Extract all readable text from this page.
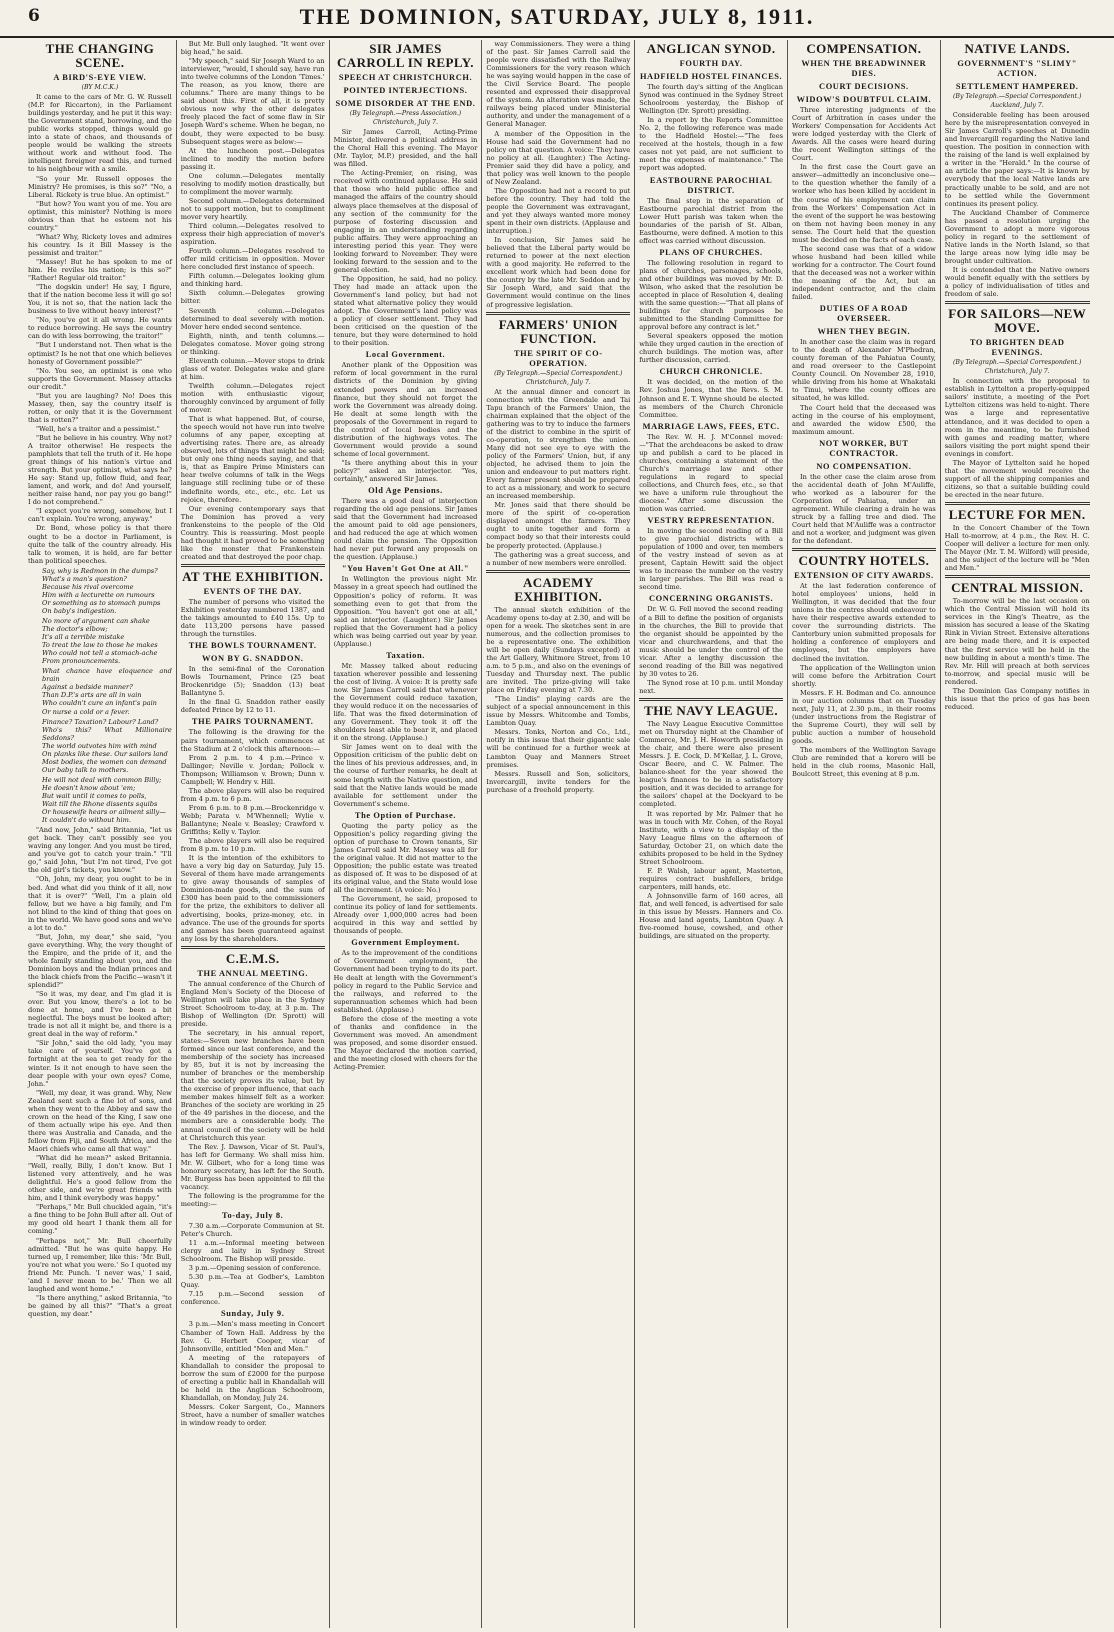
6	THE DOMINION, SATURDAY, JULY 8, 1911.
THE CHANGING SCENE.
A BIRD'S-EYE VIEW.
(BY M.C.K.)

It came to the cars of Mr. G. W. Russell (M.P. for Riccarton), in the Parliament buildings yesterday, and he put it this way: the Government stand, borrowing, and the public works stopped, things would go into a state of chaos, and thousands of people would be walking the streets without work and without food. The intelligent foreigner read this, and turned to his neighbour with a smile.

"So your Mr. Russell opposes the Ministry? He promises, is this so?" "No, a Liberal. Rickety is true blue. An optimist."

"But how? You want you of me. You are optimist, this minister? Nothing is more obvious than that he esteem not his country."

"What? Why, Rickety loves and admires his country. Is it Bill Massey is the pessimist and traitor."

"Massey! But he has spoken to me of him. He reviles his nation; is this so?" "Rather! Regular old traitor."

"The dogskin under! He say, I figure, that if the nation become less it will go so! You, it is not so, that the nation lack the business to live without heavy interest?"

"No, you've got it all wrong. He wants to reduce borrowing. He says the country can do with less borrowing, the traitor!"

"But I understand not. Then what is the optimist? Is he not that one which believes honesty of Government possible?"

"No. You see, an optimist is one who supports the Government. Massey attacks our credit."

"But you are laughing? No! Does this Massey, then, say the country itself is rotten, or only that it is the Government that is rotten?"

"Well, he's a traitor and a pessimist."

"But he believe in his country. Why not? A traitor otherwise! He respects the pamphlets that tell the truth of it. He hope great things of his nation's virtue and strength. But your optimist, what says he? He say: Stand up, follow fluid, and fear, lament, and work, and do! And yourself, neither raise hand, nor pay you go bang!" I do not comprehend."

"I expect you're wrong, somehow, but I can't explain. You're wrong, anyway."

Dr. Bond, whose policy is that there ought to be a doctor in Parliament, is quite the talk of the country already. His talk to women, it is held, are far better than political speeches.

Say, why is Redmon in the dumps?
What's a man's question?
Because his rival overcome
Him with a lecturette on rumours
Or something as to stomach pumps
On baby's indigestion.
No more of argument can shake
The doctor's elbow;
It's all a terrible mistake
To treat the law to those he makes
Who could not tell a stomach-ache
From pronouncements.
What chance have eloquence and brain
Against a bedside manner?
Than D.P.'s arts are all in vain
Who couldn't cure an infant's pain
Or nurse a cold or a fever.
Finance? Taxation? Labour? Land?
Who's this? What Millionaire Seddons?
The world outvotes him with mind
On planks like these. Our sailors land
Most bodies, the women can demand
Our baby talk to mothers.
He will not deal with common Billy;
He doesn't know about 'em;
But wait until it comes to polls,
Wait till the Rhone dissents squibs
Or housewife hears or ailment silly—
It couldn't do without him.

"And now, John," said Britannia, "let us get back. They can't possibly see you waving any longer. And you must be tired, and you've got to catch your train." "I'll go," said John, "but I'm not tired, I've got the old girl's tickets, you know."

"Oh, John, my dear, you ought to be in bed. And what did you think of it all, now that it is over?" "Well, I'm a plain old fellow, but we have a big family, and I'm not blind to the kind of thing that goes on in the world. We have good sons and we've a lot to do."

"But, John, my dear," she said, "you gave everything. Why, the very thought of the Empire, and the pride of it, and the whole family standing about you, and the Dominion boys and the Indian princes and the black chiefs from the Pacific—wasn't it splendid?"

"So it was, my dear, and I'm glad it is over. But you know, there's a lot to be done at home, and I've been a bit neglectful. The boys must be looked after; trade is not all it might be, and there is a great deal in the way of reform."

"Sir John," said the old lady, "you may take care of yourself. You've got a fortnight at the sea to get ready for the winter. Is it not enough to have seen the dear people with your own eyes? Come, John."

"Well, my dear, it was grand. Why, New Zealand sent such a fine lot of sons, and when they went to the Abbey and saw the crown on the head of the King, I saw one of them actually wipe his eye. And then there was Australia and Canada, and the fellow from Fiji, and South Africa, and the Maori chiefs who came all that way."

"What did he mean?" asked Britannia. "Well, really, Billy, I don't know. But I listened very attentively, and he was delightful. He's a good fellow from the other side, and we're great friends with him, and I think everybody was happy."

"Perhaps," Mr. Bull chuckled again, "it's a fine thing to be John Bull after all. Out of my good old heart I thank them all for coming."

"Perhaps not," Mr. Bull cheerfully admitted. "But he was quite happy. He turned up, I remember, like this: 'Mr. Bull, you're not what you were.' So I quoted my friend Mr. Punch. 'I never was,' I said, 'and I never mean to be.' Then we all laughed and went home."

"Is there anything," asked Britannia, "to be gained by all this?" "That's a great question, my dear."

But Mr. Bull only laughed. "It went over big head," he said.

"My speech," said Sir Joseph Ward to an interviewer, "would, I should say, have run into twelve columns of the London 'Times.' The reason, as you know, there are columns." There are many things to be said about this. First of all, it is pretty obvious now why the other delegates freely placed the fact of some flaw in Sir Joseph Ward's scheme. When he began, no doubt, they were expected to be busy. Subsequent stages were as below:—

At the luncheon post.—Delegates inclined to modify the motion before passing it.

One column.—Delegates mentally resolving to modify motion drastically, but to compliment the mover warmly.

Second column.—Delegates determined not to support motion, but to compliment mover very heartily.

Third column.—Delegates resolved to express their high appreciation of mover's aspiration.

Fourth column.—Delegates resolved to offer mild criticism in opposition. Mover here concluded first instance of speech.

Fifth column.—Delegates looking glum and thinking hard.

Sixth column.—Delegates growing bitter.

Seventh column.—Delegates determined to deal severely with motion. Mover here ended second sentence.

Eighth, ninth, and tenth columns.—Delegates comatose. Mover going strong or thinking.

Eleventh column.—Mover stops to drink glass of water. Delegates wake and glare at him.

Twelfth column.—Delegates reject motion with enthusiastic vigour, thoroughly convinced by argument of folly of mover.

That is what happened. But, of course, the speech would not have run into twelve columns of any paper, excepting at advertising rates. There are, as already observed, lots of things that might be said; but only one thing needs saying, and that is, that as Empire Prime Ministers can hear twelve columns of talk in the Wegs language still reclining tube or of these indefinite words, etc., etc., etc. Let us rejoice, therefore.

Our evening contemporary says that The Dominion has proved a very frankensteins to the people of the Old Country. This is reassuring. Most people had thought it had proved to be something like the monster that Frankenstein created and that destroyed the poor chap.

AT THE EXHIBITION.
EVENTS OF THE DAY.

The number of persons who visited the Exhibition yesterday numbered 1387, and the takings amounted to £40 15s. Up to date 113,200 persons have passed through the turnstiles.

THE BOWLS TOURNAMENT.
WON BY G. SNADDON.

In the semi-final of the Coronation Bowls Tournament, Prince (25 beat Brockenridge (5); Snaddon (13) beat Ballantyne 5.

In the final G. Snaddon rather easily defeated Prince by 12 to 11.

THE PAIRS TOURNAMENT.

The following is the drawing for the pairs tournament, which commences at the Stadium at 2 o'clock this afternoon:—

From 2 p.m. to 4 p.m.—Prince v. Dallinger; Neville v. Jordan; Pollock v. Thompson; Williamson v. Brown; Dunn v. Campbell; W. Hendry v. Hill.

The above players will also be required from 4 p.m. to 6 p.m.

From 6 p.m. to 8 p.m.—Brockenridge v. Webb; Parata v. M'Whennell; Wylie v. Ballantyne; Neale v. Beasley; Crawford v. Griffiths; Kelly v. Taylor.

The above players will also be required from 8 p.m. to 10 p.m.

It is the intention of the exhibitors to have a very big day on Saturday, July 15. Several of them have made arrangements to give away thousands of samples of Dominion-made goods, and the sum of £300 has been paid to the commissioners for the prize, the exhibitors to deliver all advertising, books, prize-money, etc. in advance. The use of the grounds for sports and games has been guaranteed against any loss by the shareholders.

C.E.M.S.
THE ANNUAL MEETING.

The annual conference of the Church of England Men's Society of the Diocese of Wellington will take place in the Sydney Street Schoolroom to-day, at 3 p.m. The Bishop of Wellington (Dr. Sprott) will preside.

The secretary, in his annual report, states:—Seven new branches have been formed since our last conference, and the membership of the society has increased by 85, but it is not by increasing the number of branches or the membership that the society proves its value, but by the exercise of proper influence, that each member makes himself felt as a worker. Branches of the society are working in 25 of the 49 parishes in the diocese, and the members are a considerable body. The annual council of the society will be held at Christchurch this year.

The Rev. J. Dawson, Vicar of St. Paul's, has left for Germany. We shall miss him. Mr. W. Gilbert, who for a long time was honorary secretary, has left for the South. Mr. Burgess has been appointed to fill the vacancy.

The following is the programme for the meeting:—

To-day, July 8.

7.30 a.m.—Corporate Communion at St. Peter's Church.

11 a.m.—Informal meeting between clergy and laity in Sydney Street Schoolroom. The Bishop will preside.

3 p.m.—Opening session of conference.

5.30 p.m.—Tea at Godber's, Lambton Quay.

7.15 p.m.—Second session of conference.

Sunday, July 9.

3 p.m.—Men's mass meeting in Concert Chamber of Town Hall. Address by the Rev. G. Herbert Cooper, vicar of Johnsonville, entitled "Men and Men."

A meeting of the ratepayers of Khandallah to consider the proposal to borrow the sum of £2000 for the purpose of erecting a public hall in Khandallah will be held in the Anglican Schoolroom, Khandallah, on Monday, July 24.

Messrs. Coker Sargent, Co., Manners Street, have a number of smaller watches in window ready to order.

SIR JAMES CARROLL IN REPLY.
SPEECH AT CHRISTCHURCH.
POINTED INTERJECTIONS.
SOME DISORDER AT THE END.
(By Telegraph.—Press Association.)
Christchurch, July 7.

Sir James Carroll, Acting-Prime Minister, delivered a political address in the Choral Hall this evening. The Mayor (Mr. Taylor, M.P.) presided, and the hall was filled.

The Acting-Premier, on rising, was received with continued applause. He said that those who held public office and managed the affairs of the country should always place themselves at the disposal of any section of the community for the purpose of fostering discussion and engaging in an understanding regarding public affairs. They were approaching an interesting period this year. They were looking forward to November. They were looking forward to the session and to the general election.

The Opposition, he said, had no policy. They had made an attack upon the Government's land policy, but had not stated what alternative policy they would adopt. The Government's land policy was a policy of closer settlement. They had been criticised on the question of the tenure, but they were determined to hold to their position.

Local Government.

Another plank of the Opposition was reform of local government in the rural districts of the Dominion by giving extended powers and an increased finance, but they should not forget the work the Government was already doing. He dealt at some length with the proposals of the Government in regard to the control of local bodies and the distribution of the highways votes. The Government would provide a sound scheme of local government.

"Is there anything about this in your policy?" asked an interjector. "Yes, certainly," answered Sir James.

Old Age Pensions.

There was a good deal of interjection regarding the old age pensions. Sir James said that the Government had increased the amount paid to old age pensioners, and had reduced the age at which women could claim the pension. The Opposition had never put forward any proposals on the question. (Applause.)

"You Haven't Got One at All."

In Wellington the previous night Mr. Massey in a great speech had outlined the Opposition's policy of reform. It was something even to get that from the Opposition. "You haven't got one at all," said an interjector. (Laughter.) Sir James replied that the Government had a policy which was being carried out year by year. (Applause.)

Taxation.

Mr. Massey talked about reducing taxation wherever possible and lessening the cost of living. A voice: It is pretty safe now. Sir James Carroll said that whenever the Government could reduce taxation, they would reduce it on the necessaries of life. That was the fixed determination of any Government. They took it off the shoulders least able to bear it, and placed it on the strong. (Applause.)

Sir James went on to deal with the Opposition criticism of the public debt on the lines of his previous addresses, and, in the course of further remarks, he dealt at some length with the Native question, and said that the Native lands would be made available for settlement under the Government's scheme.

The Option of Purchase.

Quoting the party policy as the Opposition's policy regarding giving the option of purchase to Crown tenants, Sir James Carroll said Mr. Massey was all for the original value. It did not matter to the Opposition; the public estate was treated as disposed of. It was to be disposed of at its original value, and the State would lose all the increment. (A voice: No.)

The Government, he said, proposed to continue its policy of land for settlements. Already over 1,000,000 acres had been acquired in this way and settled by thousands of people.

Government Employment.

As to the improvement of the conditions of Government employment, the Government had been trying to do its part. He dealt at length with the Government's policy in regard to the Public Service and the railways, and referred to the superannuation schemes which had been established. (Applause.)

Before the close of the meeting a vote of thanks and confidence in the Government was moved. An amendment was proposed, and some disorder ensued. The Mayor declared the motion carried, and the meeting closed with cheers for the Acting-Premier.

way Commissioners. They were a thing of the past. Sir James Carroll said the people were dissatisfied with the Railway Commissioners for the very reason which he was saying would happen in the case of the Civil Service Board. The people resented and expressed their disapproval of the system. An alteration was made, the railways being placed under Ministerial authority, and under the management of a General Manager.

A member of the Opposition in the House had said the Government had no policy on that question. A voice: They have no policy at all. (Laughter.) The Acting-Premier said they did have a policy, and that policy was well known to the people of New Zealand.

The Opposition had not a record to put before the country. They had told the people the Government was extravagant, and yet they always wanted more money spent in their own districts. (Applause and interruption.)

In conclusion, Sir James said he believed that the Liberal party would be returned to power at the next election with a good majority. He referred to the excellent work which had been done for the country by the late Mr. Seddon and by Sir Joseph Ward, and said that the Government would continue on the lines of progressive legislation.

FARMERS' UNION FUNCTION.
THE SPIRIT OF CO-OPERATION.
(By Telegraph.—Special Correspondent.)
Christchurch, July 7.

At the annual dinner and concert in connection with the Greendale and Tai Tapu branch of the Farmers' Union, the chairman explained that the object of the gathering was to try to induce the farmers of the district to combine in the spirit of co-operation, to strengthen the union. Many did not see eye to eye with the policy of the Farmers' Union, but, if any objected, he advised them to join the union and endeavour to put matters right. Every farmer present should be prepared to act as a missionary, and work to secure an increased membership.

Mr. Jones said that there should be more of the spirit of co-operation displayed amongst the farmers. They ought to unite together and form a compact body so that their interests could be properly protected. (Applause.)

The gathering was a great success, and a number of new members were enrolled.

ACADEMY EXHIBITION.

The annual sketch exhibition of the Academy opens to-day at 2.30, and will be open for a week. The sketches sent in are numerous, and the collection promises to be a representative one. The exhibition will be open daily (Sundays excepted) at the Art Gallery, Whitmore Street, from 10 a.m. to 5 p.m., and also on the evenings of Tuesday and Thursday next. The public are invited. The prize-giving will take place on Friday evening at 7.30.

"The Lindis" playing cards are the subject of a special announcement in this issue by Messrs. Whitcombe and Tombs, Lambton Quay.

Messrs. Tonks, Norton and Co., Ltd., notify in this issue that their gigantic sale will be continued for a further week at Lambton Quay and Manners Street premises.

Messrs. Russell and Son, solicitors, Invercargill, invite tenders for the purchase of a freehold property.

ANGLICAN SYNOD.
FOURTH DAY.
HADFIELD HOSTEL FINANCES.

The fourth day's sitting of the Anglican Synod was continued in the Sydney Street Schoolroom yesterday, the Bishop of Wellington (Dr. Sprott) presiding.

In a report by the Reports Committee No. 2, the following reference was made to the Hadfield Hostel:—"The fees received at the hostels, though in a few cases not yet paid, are not sufficient to meet the expenses of maintenance." The report was adopted.

EASTBOURNE PAROCHIAL DISTRICT.

The final step in the separation of Eastbourne parochial district from the Lower Hutt parish was taken when the boundaries of the parish of St. Alban, Eastbourne, were defined. A motion to this effect was carried without discussion.

PLANS OF CHURCHES.

The following resolution in regard to plans of churches, parsonages, schools, and other buildings was moved by Mr. D. Wilson, who asked that the resolution be accepted in place of Resolution 4, dealing with the same question:—"That all plans of buildings for church purposes be submitted to the Standing Committee for approval before any contract is let."

Several speakers opposed the motion while they urged caution in the erection of church buildings. The motion was, after further discussion, carried.

CHURCH CHRONICLE.

It was decided, on the motion of the Rev. Joshua Jones, that the Revs. S. M. Johnson and E. T. Wynne should be elected as members of the Church Chronicle Committee.

MARRIAGE LAWS, FEES, ETC.

The Rev. W. H. J. M'Connel moved:—"That the archdeacons be asked to draw up and publish a card to be placed in churches, containing a statement of the Church's marriage law and other regulations in regard to special collections, and Church fees, etc., so that we have a uniform rule throughout the diocese." After some discussion the motion was carried.

VESTRY REPRESENTATION.

In moving the second reading of a Bill to give parochial districts with a population of 1000 and over, ten members of the vestry instead of seven as at present, Captain Hewitt said the object was to increase the number on the vestry in larger parishes. The Bill was read a second time.

CONCERNING ORGANISTS.

Dr. W. G. Fell moved the second reading of a Bill to define the position of organists in the churches, the Bill to provide that the organist should be appointed by the vicar and churchwardens, and that the music should be under the control of the vicar. After a lengthy discussion the second reading of the Bill was negatived by 30 votes to 26.

The Synod rose at 10 p.m. until Monday next.

THE NAVY LEAGUE.

The Navy League Executive Committee met on Thursday night at the Chamber of Commerce, Mr. J. H. Howorth presiding in the chair, and there were also present Messrs. J. E. Cock, D. M'Kellar, J. L. Grove, Oscar Beere, and C. W. Palmer. The balance-sheet for the year showed the league's finances to be in a satisfactory position, and it was decided to arrange for the sailors' chapel at the Dockyard to be completed.

It was reported by Mr. Palmer that he was in touch with Mr. Cohen, of the Royal Institute, with a view to a display of the Navy League films on the afternoon of Saturday, October 21, on which date the exhibits proposed to be held in the Sydney Street Schoolroom.

F. P. Walsh, labour agent, Masterton, requires contract bushfellers, bridge carpenters, mill hands, etc.

A Johnsonville farm of 160 acres, all flat, and well fenced, is advertised for sale in this issue by Messrs. Hanners and Co. House and land agents, Lambton Quay. A five-roomed house, cowshed, and other buildings, are situated on the property.

COMPENSATION.
WHEN THE BREADWINNER DIES.
COURT DECISIONS.
WIDOW'S DOUBTFUL CLAIM.

Three interesting judgments of the Court of Arbitration in cases under the Workers' Compensation for Accidents Act were lodged yesterday with the Clerk of Awards. All the cases were heard during the recent Wellington sittings of the Court.

In the first case the Court gave an answer—admittedly an inconclusive one—to the question whether the family of a worker who has been killed by accident in the course of his employment can claim from the Workers' Compensation Act in the event of the support he was bestowing on them not having been money in any sense. The Court held that the question must be decided on the facts of each case.

The second case was that of a widow whose husband had been killed while working for a contractor. The Court found that the deceased was not a worker within the meaning of the Act, but an independent contractor, and the claim failed.

DUTIES OF A ROAD OVERSEER.
WHEN THEY BEGIN.

In another case the claim was in regard to the death of Alexander M'Phedran, county foreman of the Pahiatua County, and road overseer to the Castlepoint County Council. On November 28, 1910, while driving from his home at Whakataki to Tinui, where the county offices are situated, he was killed.

The Court held that the deceased was acting in the course of his employment, and awarded the widow £500, the maximum amount.

NOT WORKER, BUT CONTRACTOR.
NO COMPENSATION.

In the other case the claim arose from the accidental death of John M'Auliffe, who worked as a labourer for the Corporation of Pahiatua, under an agreement. While clearing a drain he was struck by a falling tree and died. The Court held that M'Auliffe was a contractor and not a worker, and judgment was given for the defendant.

COUNTRY HOTELS.
EXTENSION OF CITY AWARDS.

At the last federation conference of hotel employees' unions, held in Wellington, it was decided that the four unions in the centres should endeavour to have their respective awards extended to cover the surrounding districts. The Canterbury union submitted proposals for holding a conference of employers and employees, but the employers have declined the invitation.

The application of the Wellington union will come before the Arbitration Court shortly.

Messrs. F. H. Bodman and Co. announce in our auction columns that on Tuesday next, July 11, at 2.30 p.m., in their rooms (under instructions from the Registrar of the Supreme Court), they will sell by public auction a number of household goods.

The members of the Wellington Savage Club are reminded that a korero will be held in the club rooms, Masonic Hall, Boulcott Street, this evening at 8 p.m.

NATIVE LANDS.
GOVERNMENT'S "SLIMY" ACTION.
SETTLEMENT HAMPERED.
(By Telegraph.—Special Correspondent.)
Auckland, July 7.

Considerable feeling has been aroused here by the misrepresentation conveyed in Sir James Carroll's speeches at Dunedin and Invercargill regarding the Native land question. The position in connection with the raising of the land is well explained by a writer in the "Herald." In the course of an article the paper says:—It is known by everybody that the local Native lands are practically unable to be sold, and are not to be settled while the Government continues its present policy.

The Auckland Chamber of Commerce has passed a resolution urging the Government to adopt a more vigorous policy in regard to the settlement of Native lands in the North Island, so that the large areas now lying idle may be brought under cultivation.

It is contended that the Native owners would benefit equally with the settlers by a policy of individualisation of titles and freedom of sale.

FOR SAILORS—NEW MOVE.
TO BRIGHTEN DEAD EVENINGS.
(By Telegraph.—Special Correspondent.)
Christchurch, July 7.

In connection with the proposal to establish in Lyttelton a properly-equipped sailors' institute, a meeting of the Port Lyttelton citizens was held to-night. There was a large and representative attendance, and it was decided to open a room in the meantime, to be furnished with games and reading matter, where sailors visiting the port might spend their evenings in comfort.

The Mayor of Lyttelton said he hoped that the movement would receive the support of all the shipping companies and citizens, so that a suitable building could be erected in the near future.

LECTURE FOR MEN.

In the Concert Chamber of the Town Hall to-morrow, at 4 p.m., the Rev. H. C. Cooper will deliver a lecture for men only. The Mayor (Mr. T. M. Wilford) will preside, and the subject of the lecture will be "Men and Men."

CENTRAL MISSION.

To-morrow will be the last occasion on which the Central Mission will hold its services in the King's Theatre, as the mission has secured a lease of the Skating Rink in Vivian Street. Extensive alterations are being made there, and it is expected that the first service will be held in the new building in about a month's time. The Rev. Mr. Hill will preach at both services to-morrow, and special music will be rendered.

The Dominion Gas Company notifies in this issue that the price of gas has been reduced.
